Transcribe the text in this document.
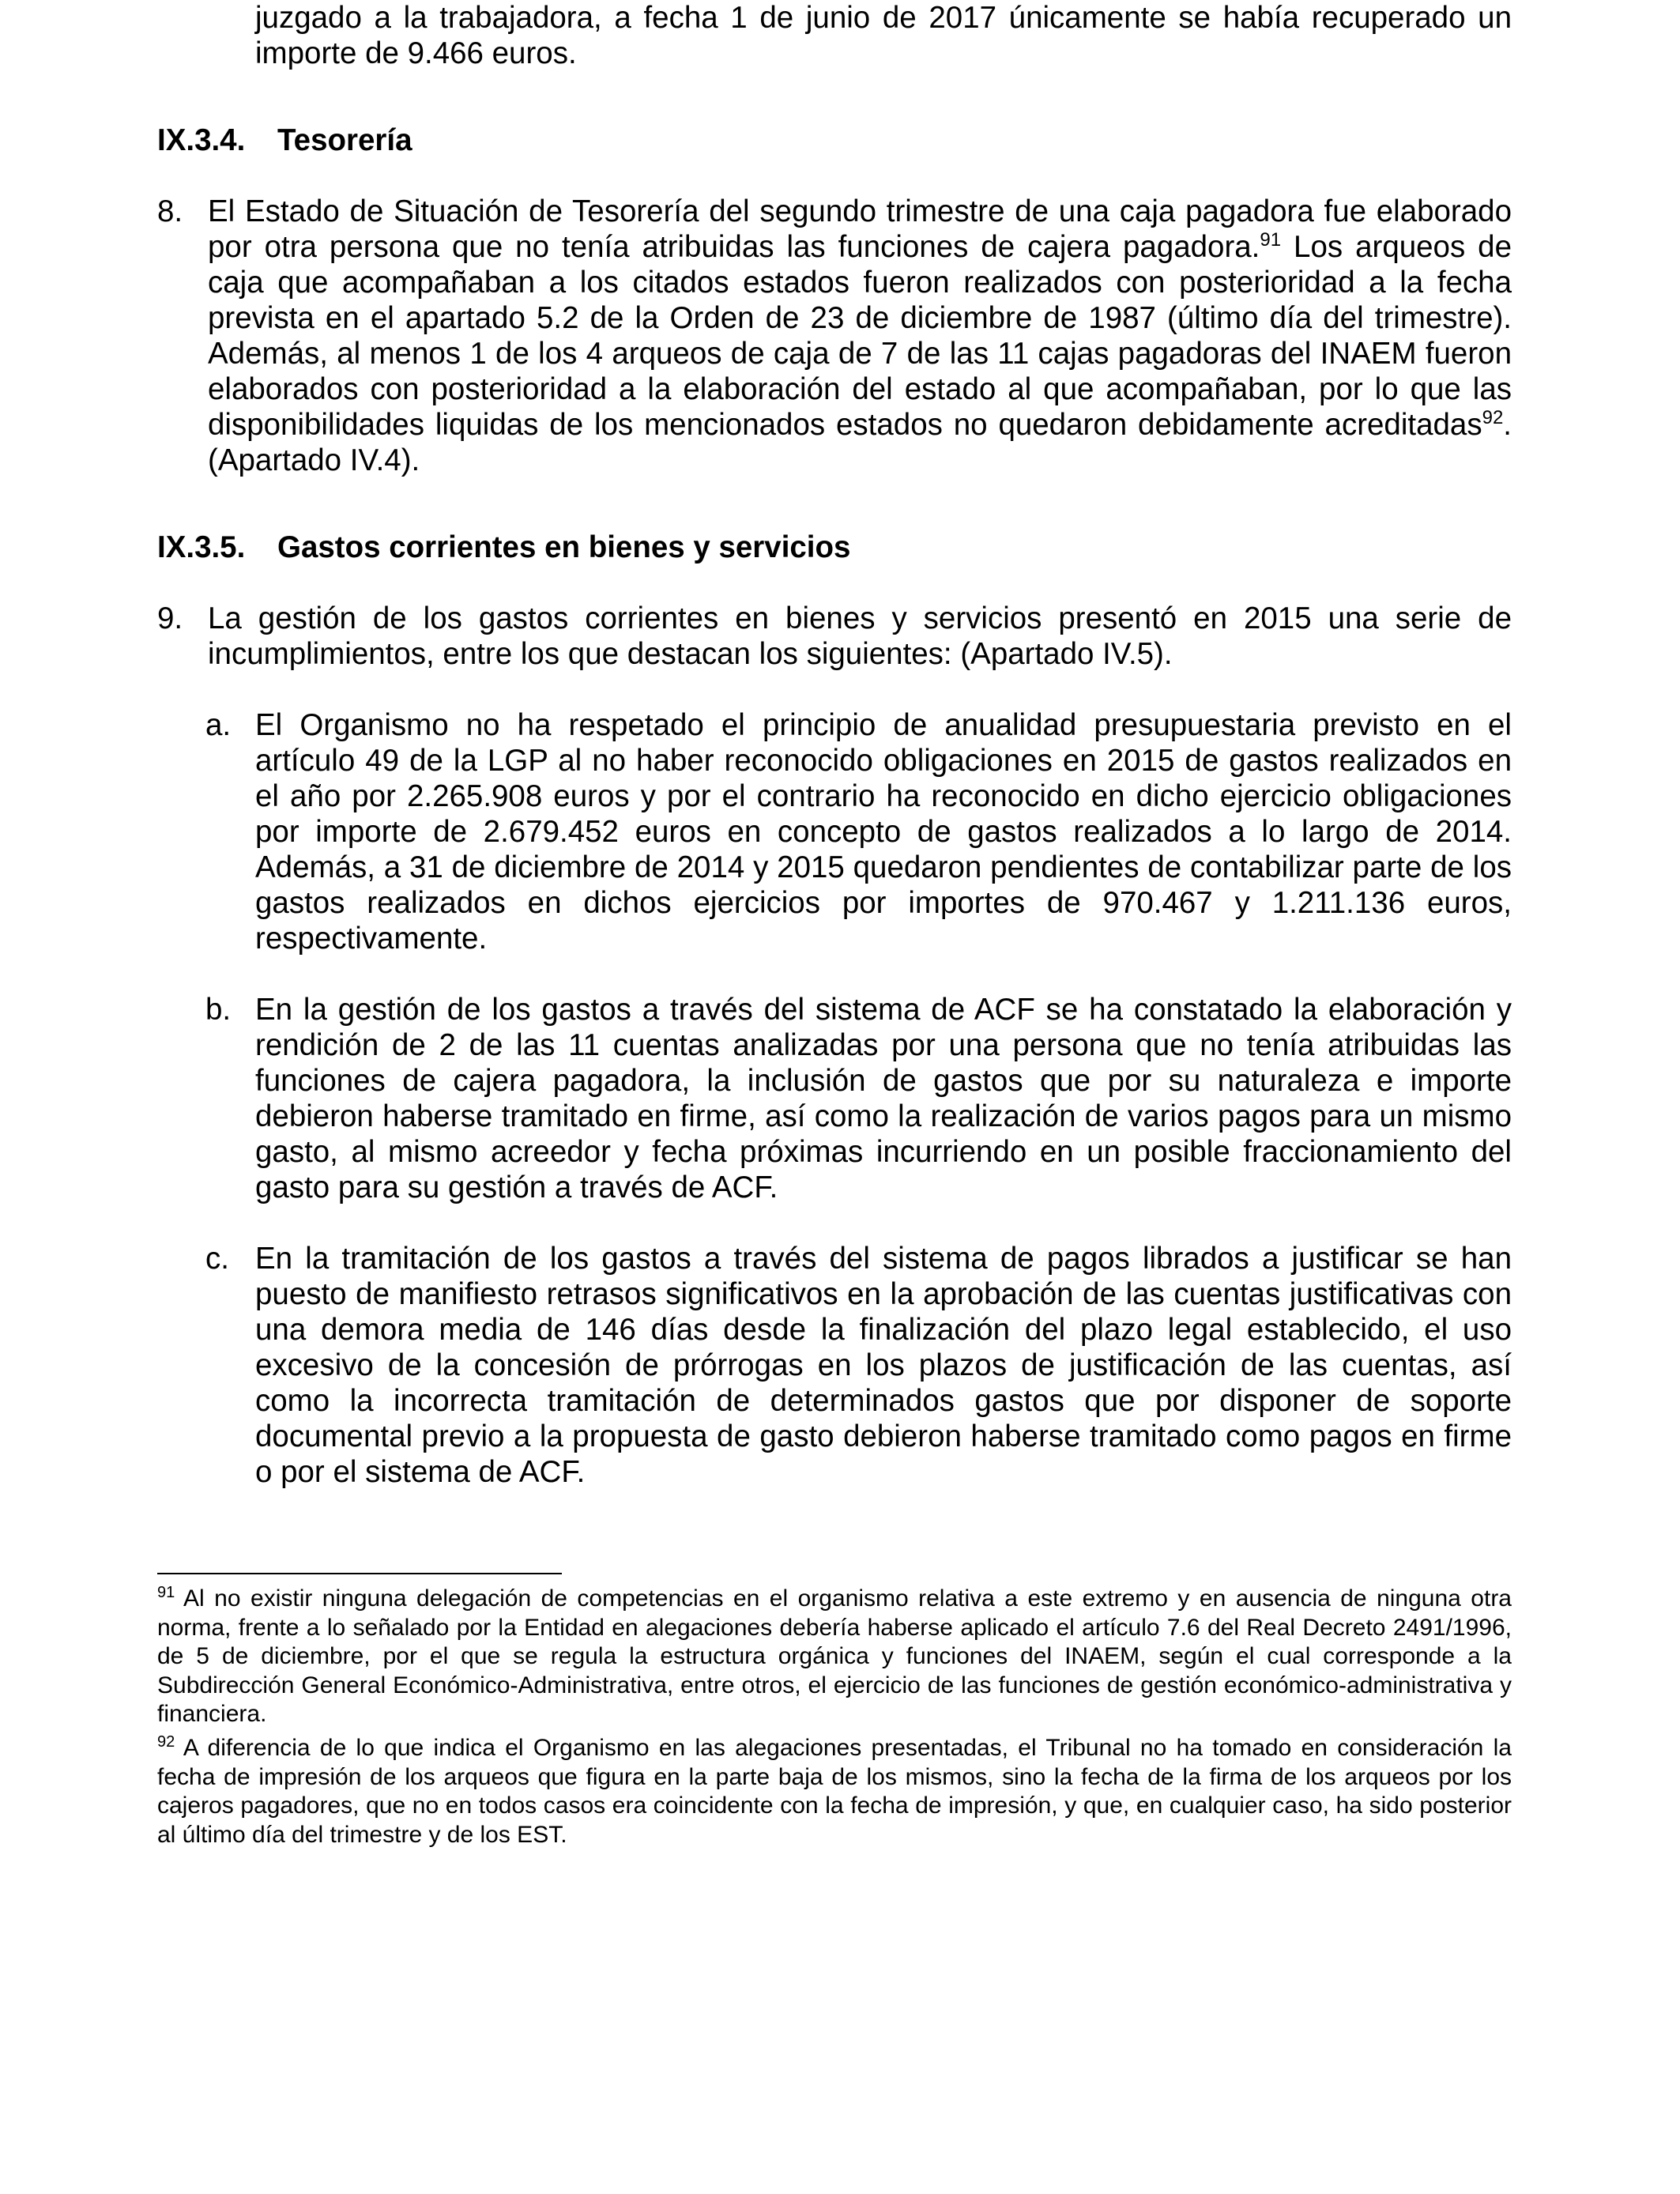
juzgado a la trabajadora, a fecha 1 de junio de 2017 únicamente se había recuperado un importe de 9.466 euros.
IX.3.4. Tesorería
8. El Estado de Situación de Tesorería del segundo trimestre de una caja pagadora fue elaborado por otra persona que no tenía atribuidas las funciones de cajera pagadora.$^{91}$ Los arqueos de caja que acompañaban a los citados estados fueron realizados con posterioridad a la fecha prevista en el apartado 5.2 de la Orden de 23 de diciembre de 1987 (último día del trimestre). Además, al menos 1 de los 4 arqueos de caja de 7 de las 11 cajas pagadoras del INAEM fueron elaborados con posterioridad a la elaboración del estado al que acompañaban, por lo que las disponibilidades liquidas de los mencionados estados no quedaron debidamente acreditadas$^{92}$. (Apartado IV.4).
IX.3.5. Gastos corrientes en bienes y servicios
9. La gestión de los gastos corrientes en bienes y servicios presentó en 2015 una serie de incumplimientos, entre los que destacan los siguientes: (Apartado IV.5).
a. El Organismo no ha respetado el principio de anualidad presupuestaria previsto en el artículo 49 de la LGP al no haber reconocido obligaciones en 2015 de gastos realizados en el año por 2.265.908 euros y por el contrario ha reconocido en dicho ejercicio obligaciones por importe de 2.679.452 euros en concepto de gastos realizados a lo largo de 2014. Además, a 31 de diciembre de 2014 y 2015 quedaron pendientes de contabilizar parte de los gastos realizados en dichos ejercicios por importes de 970.467 y 1.211.136 euros, respectivamente.
b. En la gestión de los gastos a través del sistema de ACF se ha constatado la elaboración y rendición de 2 de las 11 cuentas analizadas por una persona que no tenía atribuidas las funciones de cajera pagadora, la inclusión de gastos que por su naturaleza e importe debieron haberse tramitado en firme, así como la realización de varios pagos para un mismo gasto, al mismo acreedor y fecha próximas incurriendo en un posible fraccionamiento del gasto para su gestión a través de ACF.
c. En la tramitación de los gastos a través del sistema de pagos librados a justificar se han puesto de manifiesto retrasos significativos en la aprobación de las cuentas justificativas con una demora media de 146 días desde la finalización del plazo legal establecido, el uso excesivo de la concesión de prórrogas en los plazos de justificación de las cuentas, así como la incorrecta tramitación de determinados gastos que por disponer de soporte documental previo a la propuesta de gasto debieron haberse tramitado como pagos en firme o por el sistema de ACF.
$^{91}$ Al no existir ninguna delegación de competencias en el organismo relativa a este extremo y en ausencia de ninguna otra norma, frente a lo señalado por la Entidad en alegaciones debería haberse aplicado el artículo 7.6 del Real Decreto 2491/1996, de 5 de diciembre, por el que se regula la estructura orgánica y funciones del INAEM, según el cual corresponde a la Subdirección General Económico-Administrativa, entre otros, el ejercicio de las funciones de gestión económico-administrativa y financiera.
$^{92}$ A diferencia de lo que indica el Organismo en las alegaciones presentadas, el Tribunal no ha tomado en consideración la fecha de impresión de los arqueos que figura en la parte baja de los mismos, sino la fecha de la firma de los arqueos por los cajeros pagadores, que no en todos casos era coincidente con la fecha de impresión, y que, en cualquier caso, ha sido posterior al último día del trimestre y de los EST.
